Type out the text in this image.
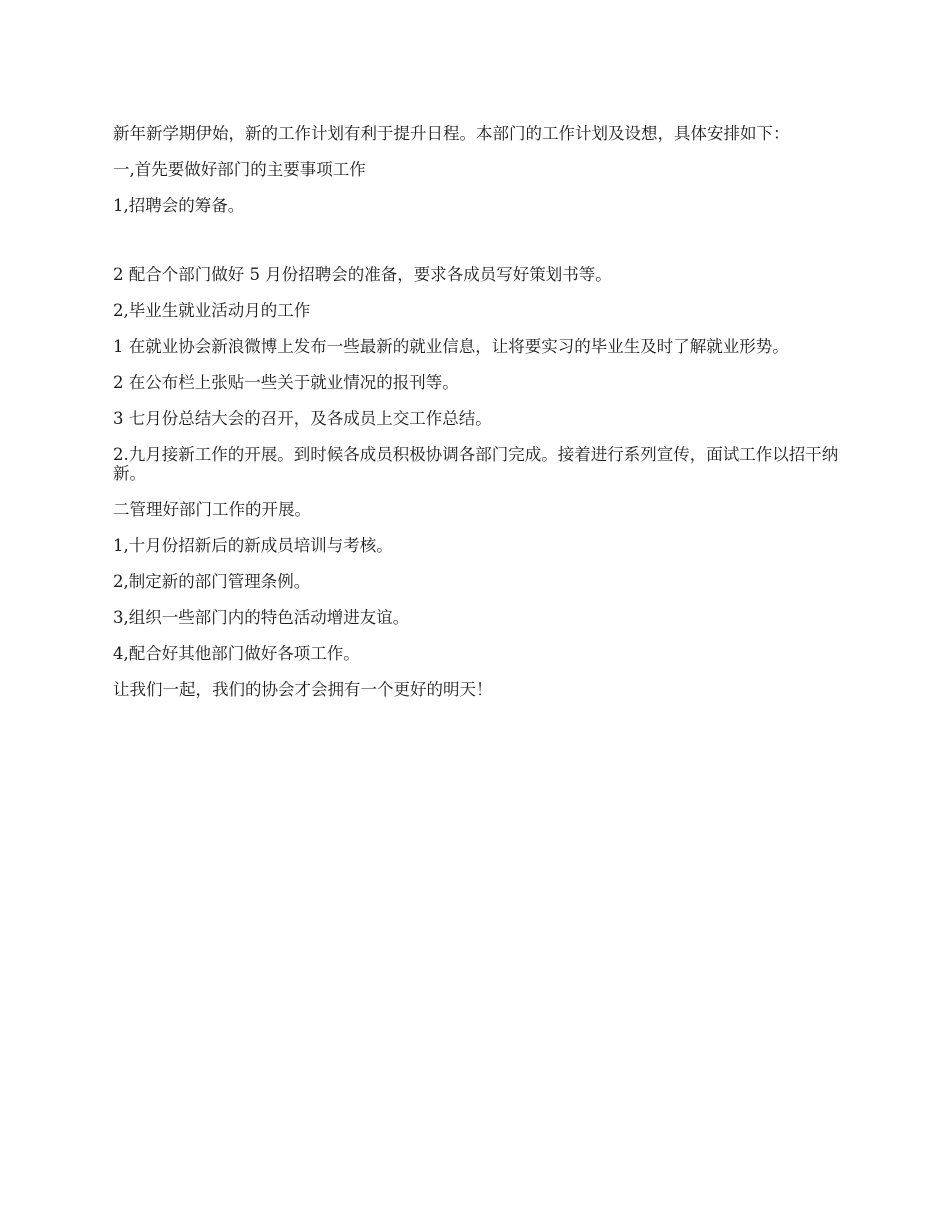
新年新学期伊始，新的工作计划有利于提升日程。本部门的工作计划及设想，具体安排如下：

一,首先要做好部门的主要事项工作

1,招聘会的筹备。

2 配合个部门做好 5 月份招聘会的准备，要求各成员写好策划书等。

2,毕业生就业活动月的工作

1 在就业协会新浪微博上发布一些最新的就业信息，让将要实习的毕业生及时了解就业形势。

2 在公布栏上张贴一些关于就业情况的报刊等。

3 七月份总结大会的召开，及各成员上交工作总结。

2.九月接新工作的开展。到时候各成员积极协调各部门完成。接着进行系列宣传，面试工作以招干纳新。

二管理好部门工作的开展。

1,十月份招新后的新成员培训与考核。

2,制定新的部门管理条例。

3,组织一些部门内的特色活动增进友谊。

4,配合好其他部门做好各项工作。

让我们一起，我们的协会才会拥有一个更好的明天！
